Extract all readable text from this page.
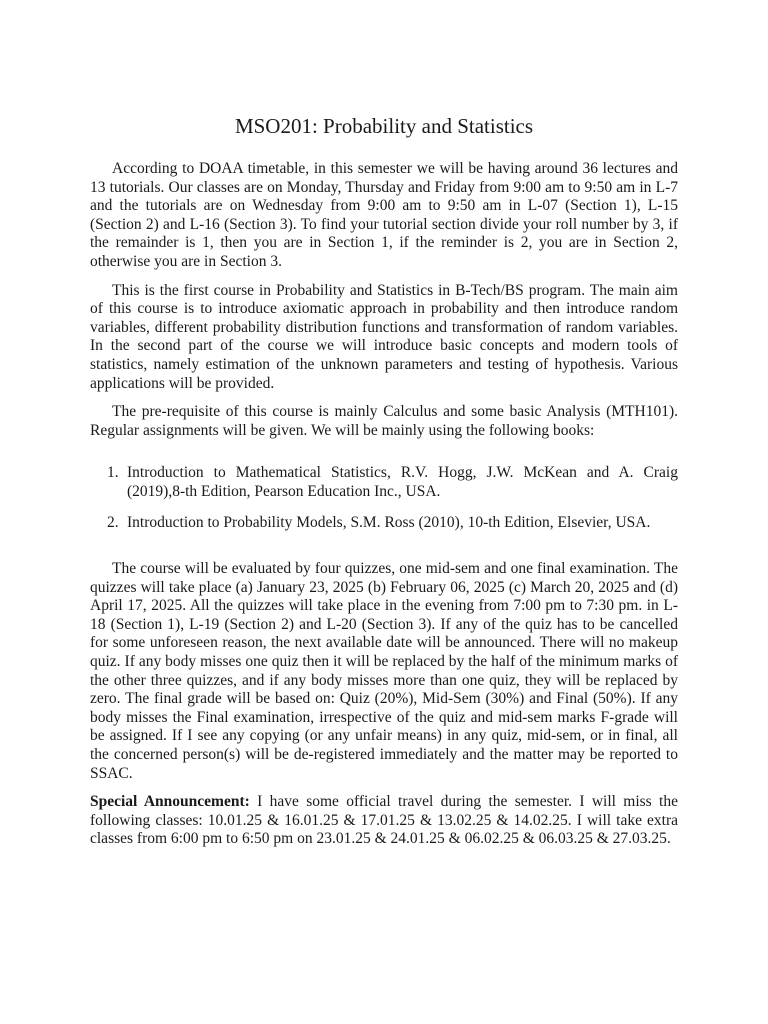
MSO201: Probability and Statistics

According to DOAA timetable, in this semester we will be having around 36 lectures and 13 tutorials. Our classes are on Monday, Thursday and Friday from 9:00 am to 9:50 am in L-7 and the tutorials are on Wednesday from 9:00 am to 9:50 am in L-07 (Section 1), L-15 (Section 2) and L-16 (Section 3). To find your tutorial section divide your roll number by 3, if the remainder is 1, then you are in Section 1, if the reminder is 2, you are in Section 2, otherwise you are in Section 3.

This is the first course in Probability and Statistics in B-Tech/BS program. The main aim of this course is to introduce axiomatic approach in probability and then introduce random variables, different probability distribution functions and transformation of random variables. In the second part of the course we will introduce basic concepts and modern tools of statistics, namely estimation of the unknown parameters and testing of hypothesis. Various applications will be provided.

The pre-requisite of this course is mainly Calculus and some basic Analysis (MTH101). Regular assignments will be given. We will be mainly using the following books:

1. Introduction to Mathematical Statistics, R.V. Hogg, J.W. McKean and A. Craig (2019),8-th Edition, Pearson Education Inc., USA.
2. Introduction to Probability Models, S.M. Ross (2010), 10-th Edition, Elsevier, USA.

The course will be evaluated by four quizzes, one mid-sem and one final examination. The quizzes will take place (a) January 23, 2025 (b) February 06, 2025 (c) March 20, 2025 and (d) April 17, 2025. All the quizzes will take place in the evening from 7:00 pm to 7:30 pm. in L-18 (Section 1), L-19 (Section 2) and L-20 (Section 3). If any of the quiz has to be cancelled for some unforeseen reason, the next available date will be announced. There will no makeup quiz. If any body misses one quiz then it will be replaced by the half of the minimum marks of the other three quizzes, and if any body misses more than one quiz, they will be replaced by zero. The final grade will be based on: Quiz (20%), Mid-Sem (30%) and Final (50%). If any body misses the Final examination, irrespective of the quiz and mid-sem marks F-grade will be assigned. If I see any copying (or any unfair means) in any quiz, mid-sem, or in final, all the concerned person(s) will be de-registered immediately and the matter may be reported to SSAC.

Special Announcement: I have some official travel during the semester. I will miss the following classes: 10.01.25 & 16.01.25 & 17.01.25 & 13.02.25 & 14.02.25. I will take extra classes from 6:00 pm to 6:50 pm on 23.01.25 & 24.01.25 & 06.02.25 & 06.03.25 & 27.03.25.
